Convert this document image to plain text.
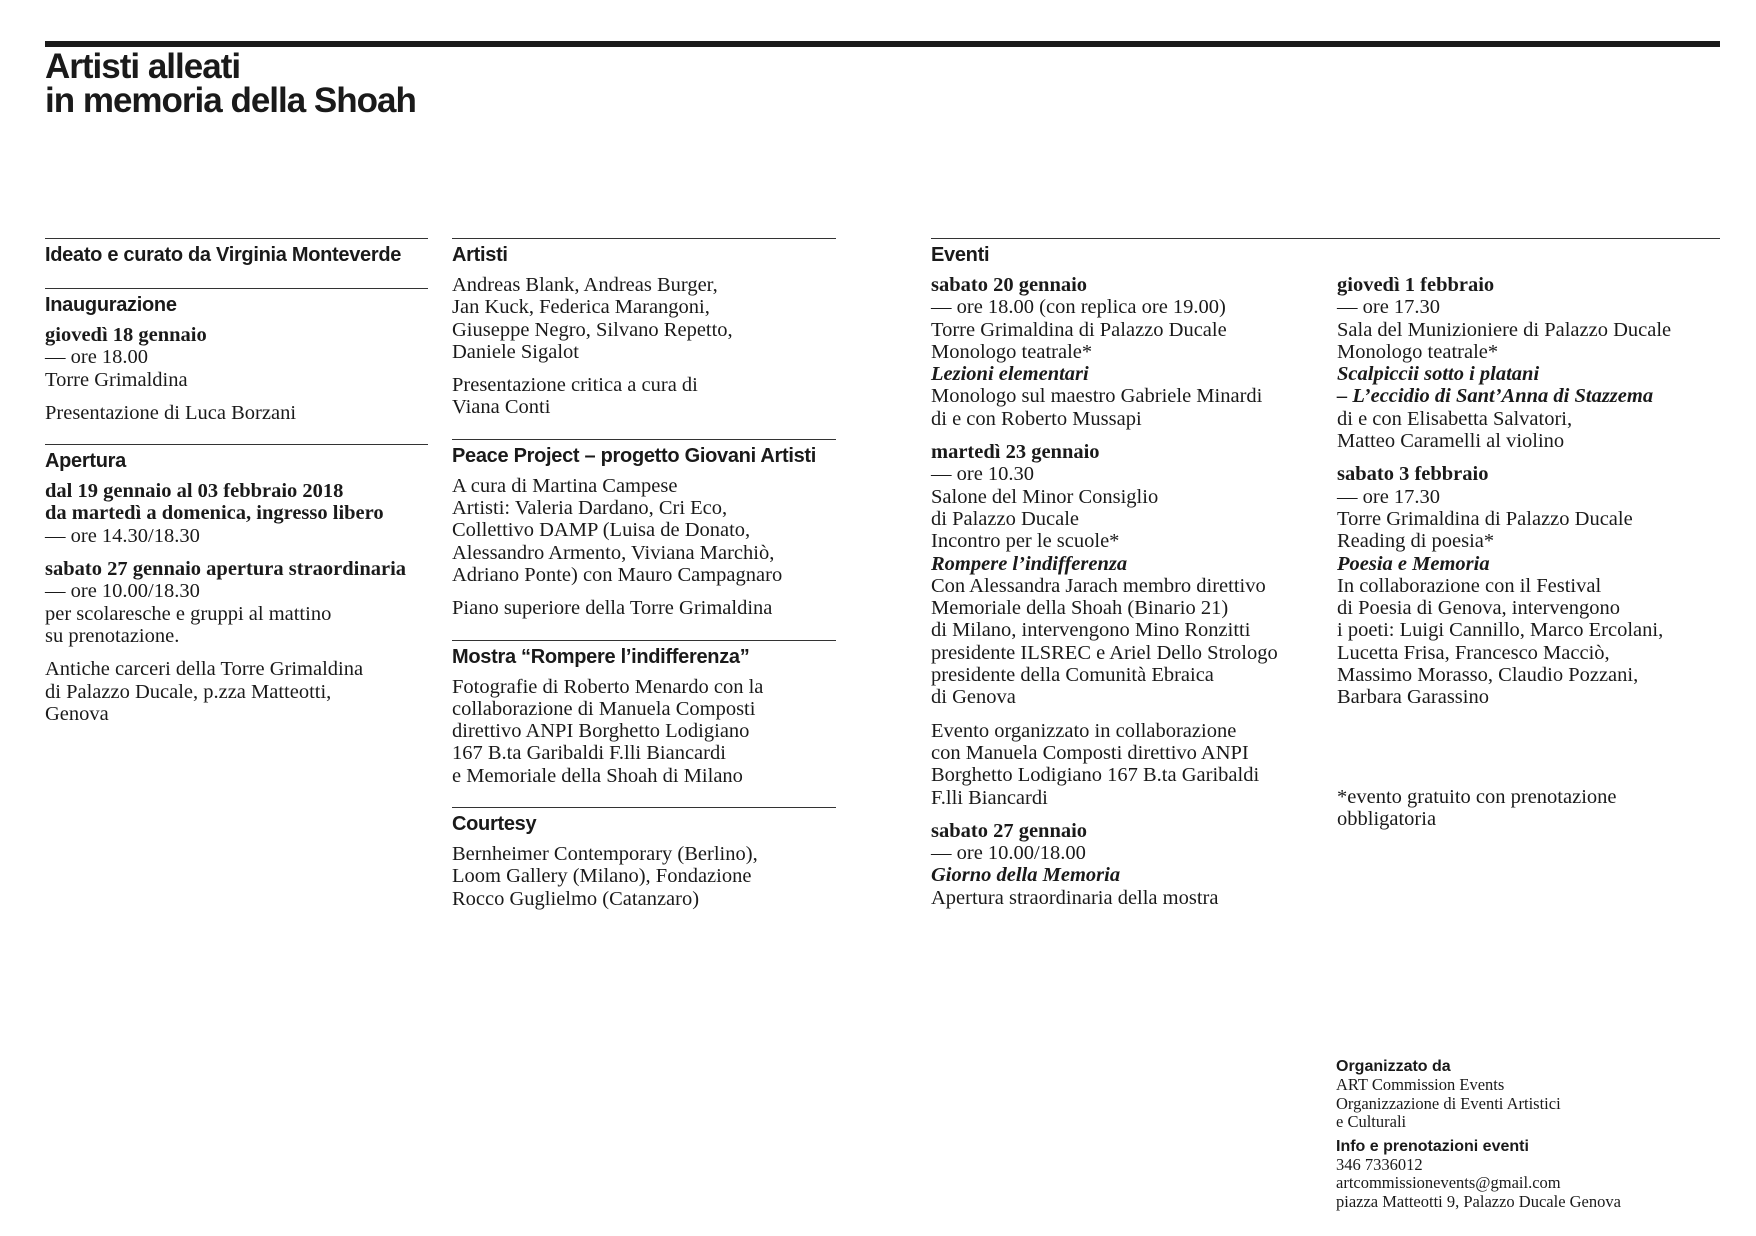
Artisti alleati
in memoria della Shoah
Ideato e curato da Virginia Monteverde
Inaugurazione

giovedì 18 gennaio

— ore 18.00

Torre Grimaldina

Presentazione di Luca Borzani

Apertura

dal 19 gennaio al 03 febbraio 2018

da martedì a domenica, ingresso libero

— ore 14.30/18.30

sabato 27 gennaio apertura straordinaria

— ore 10.00/18.30

per scolaresche e gruppi al mattino

su prenotazione.

Antiche carceri della Torre Grimaldina

di Palazzo Ducale, p.zza Matteotti,

Genova

Artisti

Andreas Blank, Andreas Burger,

Jan Kuck, Federica Marangoni,

Giuseppe Negro, Silvano Repetto,

Daniele Sigalot

Presentazione critica a cura di

Viana Conti

Peace Project – progetto Giovani Artisti

A cura di Martina Campese

Artisti: Valeria Dardano, Cri Eco,

Collettivo DAMP (Luisa de Donato,

Alessandro Armento, Viviana Marchiò,

Adriano Ponte) con Mauro Campagnaro

Piano superiore della Torre Grimaldina

Mostra “Rompere l’indifferenza”

Fotografie di Roberto Menardo con la

collaborazione di Manuela Composti

direttivo ANPI Borghetto Lodigiano

167 B.ta Garibaldi F.lli Biancardi

e Memoriale della Shoah di Milano

Courtesy

Bernheimer Contemporary (Berlino),

Loom Gallery (Milano), Fondazione

Rocco Guglielmo (Catanzaro)

Eventi

sabato 20 gennaio

— ore 18.00 (con replica ore 19.00)

Torre Grimaldina di Palazzo Ducale

Monologo teatrale*

Lezioni elementari

Monologo sul maestro Gabriele Minardi

di e con Roberto Mussapi

martedì 23 gennaio

— ore 10.30

Salone del Minor Consiglio

di Palazzo Ducale

Incontro per le scuole*

Rompere l’indifferenza

Con Alessandra Jarach membro direttivo

Memoriale della Shoah (Binario 21)

di Milano, intervengono Mino Ronzitti

presidente ILSREC e Ariel Dello Strologo

presidente della Comunità Ebraica

di Genova

Evento organizzato in collaborazione

con Manuela Composti direttivo ANPI

Borghetto Lodigiano 167 B.ta Garibaldi

F.lli Biancardi

sabato 27 gennaio

— ore 10.00/18.00

Giorno della Memoria

Apertura straordinaria della mostra

giovedì 1 febbraio

— ore 17.30

Sala del Munizioniere di Palazzo Ducale

Monologo teatrale*

Scalpiccii sotto i platani

– L’eccidio di Sant’Anna di Stazzema

di e con Elisabetta Salvatori,

Matteo Caramelli al violino

sabato 3 febbraio

— ore 17.30

Torre Grimaldina di Palazzo Ducale

Reading di poesia*

Poesia e Memoria

In collaborazione con il Festival

di Poesia di Genova, intervengono

i poeti: Luigi Cannillo, Marco Ercolani,

Lucetta Frisa, Francesco Macciò,

Massimo Morasso, Claudio Pozzani,

Barbara Garassino

*evento gratuito con prenotazione

obbligatoria

Organizzato da
ART Commission Events
Organizzazione di Eventi Artistici
e Culturali
Info e prenotazioni eventi
346 7336012
artcommissionevents@gmail.com
piazza Matteotti 9, Palazzo Ducale Genova
